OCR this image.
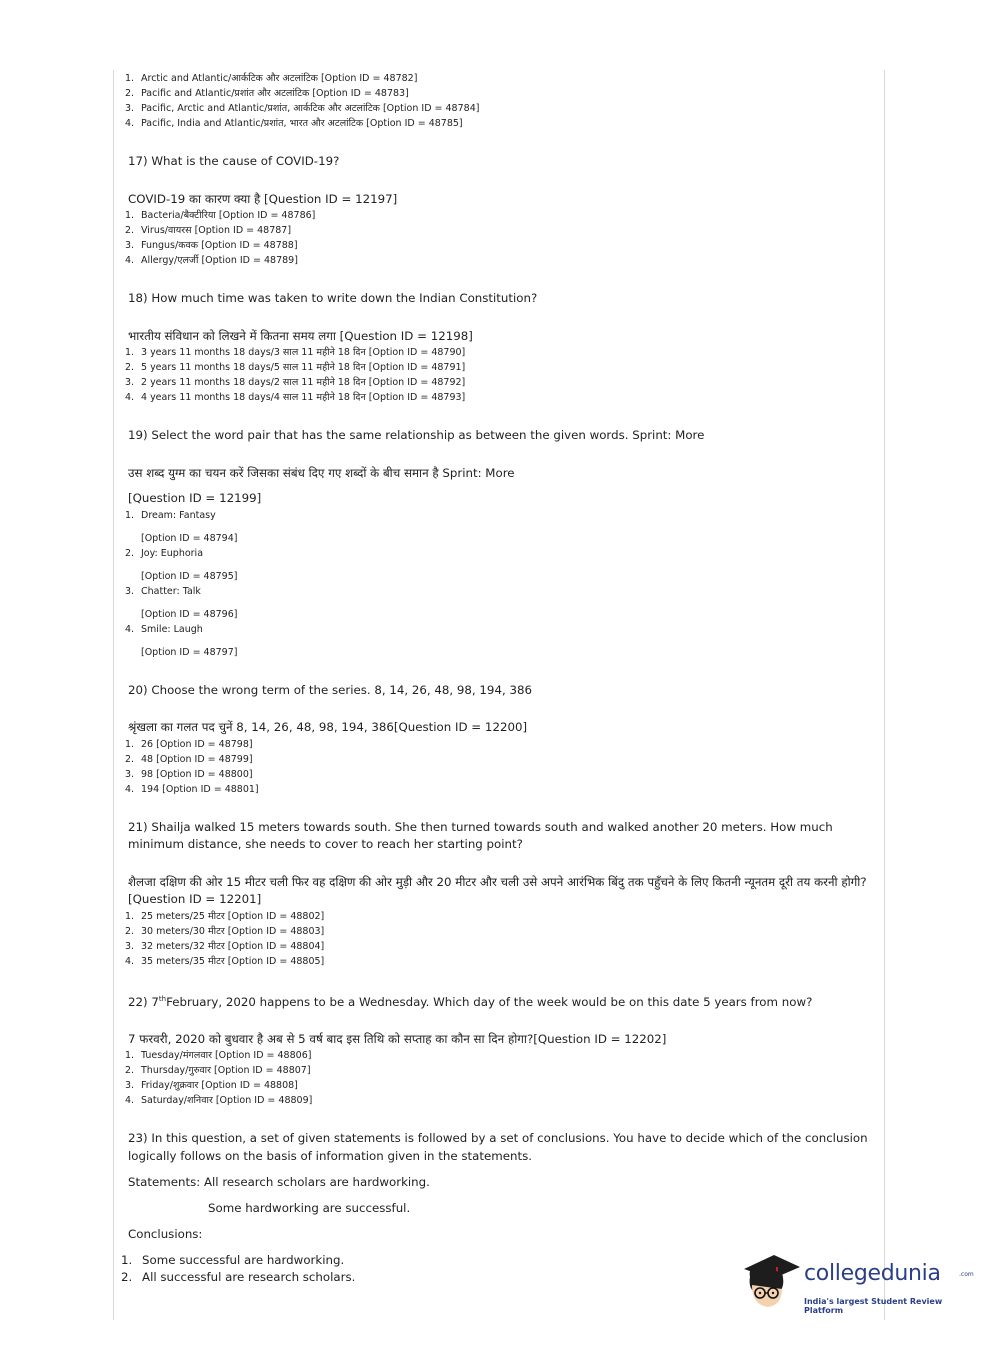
Arctic and Atlantic/आर्कटिक और अटलांटिक [Option ID = 48782]
Pacific and Atlantic/प्रशांत और अटलांटिक [Option ID = 48783]
Pacific, Arctic and Atlantic/प्रशांत, आर्कटिक और अटलांटिक [Option ID = 48784]
Pacific, India and Atlantic/प्रशांत, भारत और अटलांटिक [Option ID = 48785]

17) What is the cause of COVID-19?

COVID-19 का कारण क्या है [Question ID = 12197]

Bacteria/बैक्टीरिया [Option ID = 48786]
Virus/वायरस [Option ID = 48787]
Fungus/कवक [Option ID = 48788]
Allergy/एलर्जी [Option ID = 48789]

18) How much time was taken to write down the Indian Constitution?

भारतीय संविधान को लिखने में कितना समय लगा [Question ID = 12198]

3 years 11 months 18 days/3 साल 11 महीने 18 दिन [Option ID = 48790]
5 years 11 months 18 days/5 साल 11 महीने 18 दिन [Option ID = 48791]
2 years 11 months 18 days/2 साल 11 महीने 18 दिन [Option ID = 48792]
4 years 11 months 18 days/4 साल 11 महीने 18 दिन [Option ID = 48793]

19) Select the word pair that has the same relationship as between the given words. Sprint: More

उस शब्द युग्म का चयन करें जिसका संबंध दिए गए शब्दों के बीच समान है Sprint: More

[Question ID = 12199]

Dream: Fantasy
[Option ID = 48794]
Joy: Euphoria
[Option ID = 48795]
Chatter: Talk
[Option ID = 48796]
Smile: Laugh
[Option ID = 48797]

20) Choose the wrong term of the series. 8, 14, 26, 48, 98, 194, 386

श्रृंखला का गलत पद चुनें 8, 14, 26, 48, 98, 194, 386[Question ID = 12200]

26 [Option ID = 48798]
48 [Option ID = 48799]
98 [Option ID = 48800]
194 [Option ID = 48801]

21) Shailja walked 15 meters towards south. She then turned towards south and walked another 20 meters. How much minimum distance, she needs to cover to reach her starting point?

शैलजा दक्षिण की ओर 15 मीटर चली फिर वह दक्षिण की ओर मुड़ी और 20 मीटर और चली उसे अपने आरंभिक बिंदु तक पहुँचने के लिए कितनी न्यूनतम दूरी तय करनी होगी?[Question ID = 12201]

25 meters/25 मीटर [Option ID = 48802]
30 meters/30 मीटर [Option ID = 48803]
32 meters/32 मीटर [Option ID = 48804]
35 meters/35 मीटर [Option ID = 48805]

22) 7thFebruary, 2020 happens to be a Wednesday. Which day of the week would be on this date 5 years from now?

7 फरवरी, 2020 को बुधवार है अब से 5 वर्ष बाद इस तिथि को सप्ताह का कौन सा दिन होगा?[Question ID = 12202]

Tuesday/मंगलवार [Option ID = 48806]
Thursday/गुरुवार [Option ID = 48807]
Friday/शुक्रवार [Option ID = 48808]
Saturday/शनिवार [Option ID = 48809]

23) In this question, a set of given statements is followed by a set of conclusions. You have to decide which of the conclusion logically follows on the basis of information given in the statements.

Statements: All research scholars are hardworking.

Some hardworking are successful.

Conclusions:

Some successful are hardworking.
All successful are research scholars.	collegedunia	.com
India's largest Student Review Platform
